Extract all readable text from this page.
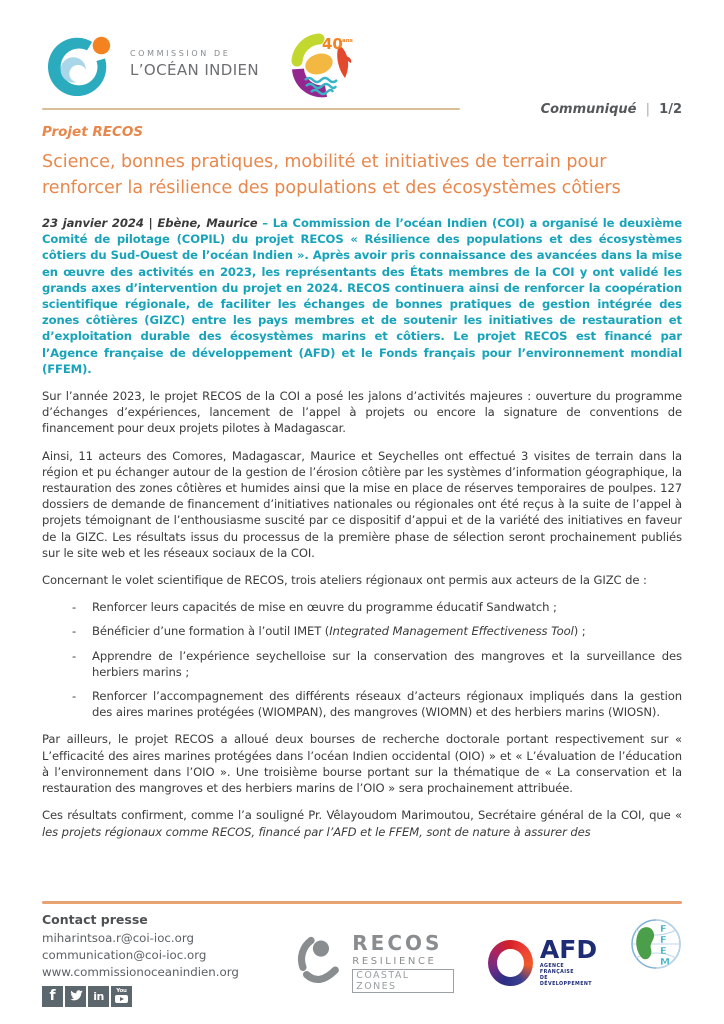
COMMISSION DE
L’OCÉAN INDIEN
40 ans
Communiqué | 1/2
Projet RECOS
Science, bonnes pratiques, mobilité et initiatives de terrain pour renforcer la résilience des populations et des écosystèmes côtiers

23 janvier 2024 | Ebène, Maurice – La Commission de l’océan Indien (COI) a organisé le deuxième Comité de pilotage (COPIL) du projet RECOS « Résilience des populations et des écosystèmes côtiers du Sud-Ouest de l’océan Indien ». Après avoir pris connaissance des avancées dans la mise en œuvre des activités en 2023, les représentants des États membres de la COI y ont validé les grands axes d’intervention du projet en 2024. RECOS continuera ainsi de renforcer la coopération scientifique régionale, de faciliter les échanges de bonnes pratiques de gestion intégrée des zones côtières (GIZC) entre les pays membres et de soutenir les initiatives de restauration et d’exploitation durable des écosystèmes marins et côtiers. Le projet RECOS est financé par l’Agence française de développement (AFD) et le Fonds français pour l’environnement mondial (FFEM).

Sur l’année 2023, le projet RECOS de la COI a posé les jalons d’activités majeures : ouverture du programme d’échanges d’expériences, lancement de l’appel à projets ou encore la signature de conventions de financement pour deux projets pilotes à Madagascar.

Ainsi, 11 acteurs des Comores, Madagascar, Maurice et Seychelles ont effectué 3 visites de terrain dans la région et pu échanger autour de la gestion de l’érosion côtière par les systèmes d’information géographique, la restauration des zones côtières et humides ainsi que la mise en place de réserves temporaires de poulpes. 127 dossiers de demande de financement d’initiatives nationales ou régionales ont été reçus à la suite de l’appel à projets témoignant de l’enthousiasme suscité par ce dispositif d’appui et de la variété des initiatives en faveur de la GIZC. Les résultats issus du processus de la première phase de sélection seront prochainement publiés sur le site web et les réseaux sociaux de la COI.

Concernant le volet scientifique de RECOS, trois ateliers régionaux ont permis aux acteurs de la GIZC de :

-	Renforcer leurs capacités de mise en œuvre du programme éducatif Sandwatch ;
-	Bénéficier d’une formation à l’outil IMET (Integrated Management Effectiveness Tool) ;
-	Apprendre de l’expérience seychelloise sur la conservation des mangroves et la surveillance des herbiers marins ;
-	Renforcer l’accompagnement des différents réseaux d’acteurs régionaux impliqués dans la gestion des aires marines protégées (WIOMPAN), des mangroves (WIOMN) et des herbiers marins (WIOSN).

Par ailleurs, le projet RECOS a alloué deux bourses de recherche doctorale portant respectivement sur « L’efficacité des aires marines protégées dans l’océan Indien occidental (OIO) » et « L’évaluation de l’éducation à l’environnement dans l’OIO ». Une troisième bourse portant sur la thématique de « La conservation et la restauration des mangroves et des herbiers marins de l’OIO » sera prochainement attribuée.

Ces résultats confirment, comme l’a souligné Pr. Vêlayoudom Marimoutou, Secrétaire général de la COI, que « les projets régionaux comme RECOS, financé par l’AFD et le FFEM, sont de nature à assurer des

Contact presse
miharintsoa.r@coi-ioc.org
communication@coi-ioc.org
www.commissionoceanindien.org
f	in	You
RECOS
RESILIENCE
COASTAL ZONES
AFD
AGENCE FRANÇAISE
DE DÉVELOPPEMENT
F
F
E
M
